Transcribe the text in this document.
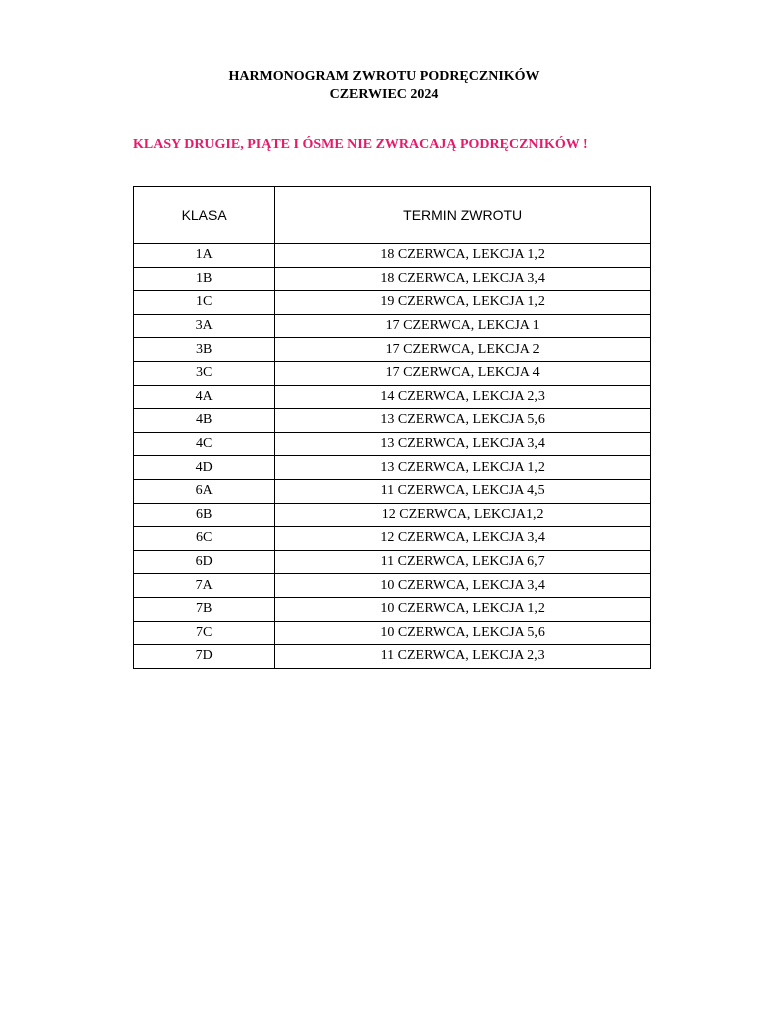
HARMONOGRAM ZWROTU PODRĘCZNIKÓW
CZERWIEC 2024
KLASY DRUGIE, PIĄTE I ÓSME NIE ZWRACAJĄ PODRĘCZNIKÓW !
KLASA	TERMIN ZWROTU
1A	18 CZERWCA, LEKCJA 1,2
1B	18 CZERWCA, LEKCJA 3,4
1C	19 CZERWCA, LEKCJA 1,2
3A	17 CZERWCA, LEKCJA 1
3B	17 CZERWCA, LEKCJA 2
3C	17 CZERWCA, LEKCJA 4
4A	14 CZERWCA, LEKCJA 2,3
4B	13 CZERWCA, LEKCJA 5,6
4C	13 CZERWCA, LEKCJA 3,4
4D	13 CZERWCA, LEKCJA 1,2
6A	11 CZERWCA, LEKCJA 4,5
6B	12 CZERWCA, LEKCJA1,2
6C	12 CZERWCA, LEKCJA 3,4
6D	11 CZERWCA, LEKCJA 6,7
7A	10 CZERWCA, LEKCJA 3,4
7B	10 CZERWCA, LEKCJA 1,2
7C	10 CZERWCA, LEKCJA 5,6
7D	11 CZERWCA, LEKCJA 2,3
